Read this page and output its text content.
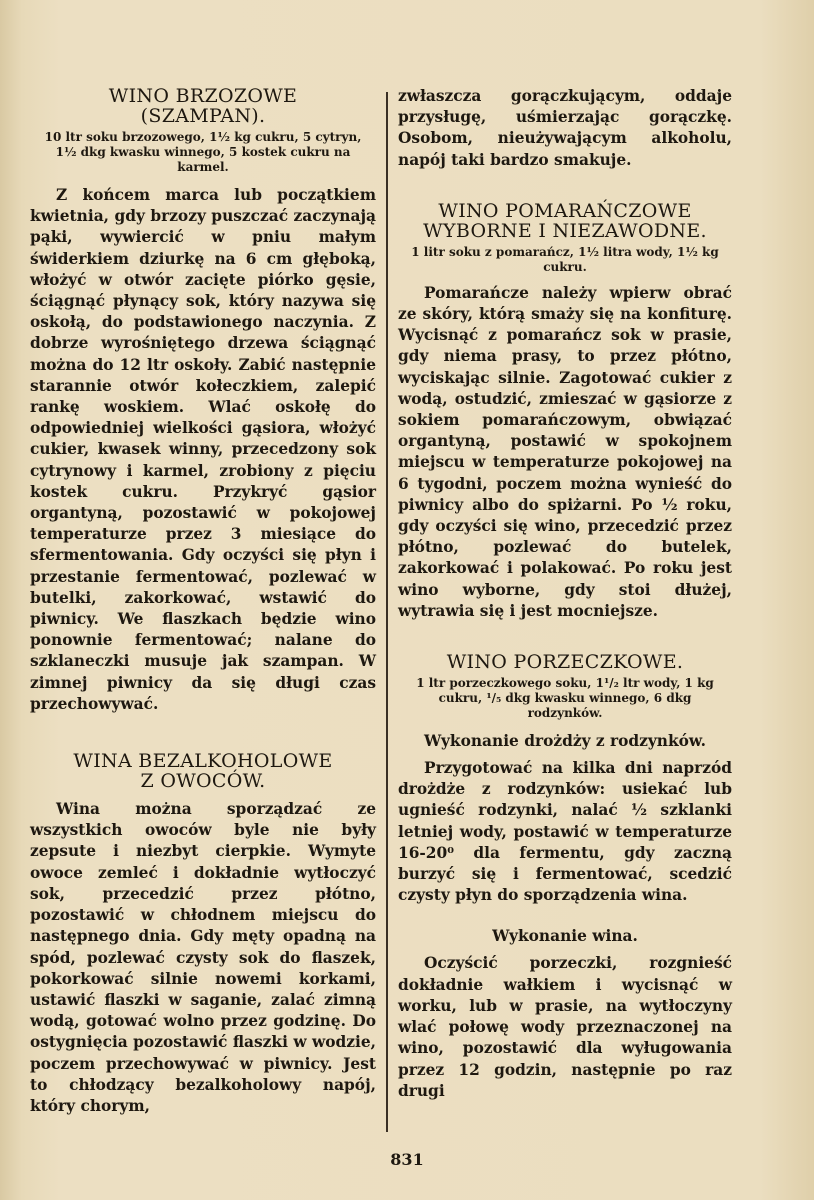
WINO BRZOZOWE
(SZAMPAN).
10 ltr soku brzozowego, 1½ kg cukru, 5 cytryn, 1½ dkg kwasku winnego, 5 kostek cukru na karmel.

Z końcem marca lub początkiem kwietnia, gdy brzozy puszczać zaczynają pąki, wywiercić w pniu małym świderkiem dziurkę na 6 cm głęboką, włożyć w otwór zacięte piórko gęsie, ściągnąć płynący sok, który nazywa się oskołą, do podstawionego naczynia. Z dobrze wyrośniętego drzewa ściągnąć można do 12 ltr oskoły. Zabić następnie starannie otwór kołeczkiem, zalepić rankę woskiem. Wlać oskołę do odpowiedniej wielkości gąsiora, włożyć cukier, kwasek winny, przecedzony sok cytrynowy i karmel, zrobiony z pięciu kostek cukru. Przykryć gąsior organtyną, pozostawić w pokojowej temperaturze przez 3 miesiące do sfermentowania. Gdy oczyści się płyn i przestanie fermentować, pozlewać w butelki, zakorkować, wstawić do piwnicy. We flaszkach będzie wino ponownie fermentować; nalane do szklaneczki musuje jak szampan. W zimnej piwnicy da się długi czas przechowywać.

WINA BEZALKOHOLOWE
Z OWOCÓW.

Wina można sporządzać ze wszystkich owoców byle nie były zepsute i niezbyt cierpkie. Wymyte owoce zemleć i dokładnie wytłoczyć sok, przecedzić przez płótno, pozostawić w chłodnem miejscu do następnego dnia. Gdy męty opadną na spód, pozlewać czysty sok do flaszek, pokorkować silnie nowemi korkami, ustawić flaszki w saganie, zalać zimną wodą, gotować wolno przez godzinę. Do ostygnięcia pozostawić flaszki w wodzie, poczem przechowywać w piwnicy. Jest to chłodzący bezalkoholowy napój, który chorym,

zwłaszcza gorączkującym, oddaje przysługę, uśmierzając gorączkę. Osobom, nieużywającym alkoholu, napój taki bardzo smakuje.

WINO POMARAŃCZOWE
WYBORNE I NIEZAWODNE.
1 litr soku z pomarańcz, 1½ litra wody, 1½ kg cukru.

Pomarańcze należy wpierw obrać ze skóry, którą smaży się na konfiturę. Wycisnąć z pomarańcz sok w prasie, gdy niema prasy, to przez płótno, wyciskając silnie. Zagotować cukier z wodą, ostudzić, zmieszać w gąsiorze z sokiem pomarańczowym, obwiązać organtyną, postawić w spokojnem miejscu w temperaturze pokojowej na 6 tygodni, poczem można wynieść do piwnicy albo do spiżarni. Po ½ roku, gdy oczyści się wino, przecedzić przez płótno, pozlewać do butelek, zakorkować i polakować. Po roku jest wino wyborne, gdy stoi dłużej, wytrawia się i jest mocniejsze.

WINO PORZECZKOWE.
1 ltr porzeczkowego soku, 1¹/₂ ltr wody, 1 kg cukru, ¹/₅ dkg kwasku winnego, 6 dkg rodzynków.
Wykonanie drożdży z rodzynków.

Przygotować na kilka dni naprzód drożdże z rodzynków: usiekać lub ugnieść rodzynki, nalać ½ szklanki letniej wody, postawić w temperaturze 16-20⁰ dla fermentu, gdy zaczną burzyć się i fermentować, scedzić czysty płyn do sporządzenia wina.

Wykonanie wina.

Oczyścić porzeczki, rozgnieść dokładnie wałkiem i wycisnąć w worku, lub w prasie, na wytłoczyny wlać połowę wody przeznaczonej na wino, pozostawić dla wyługowania przez 12 godzin, następnie po raz drugi

831
